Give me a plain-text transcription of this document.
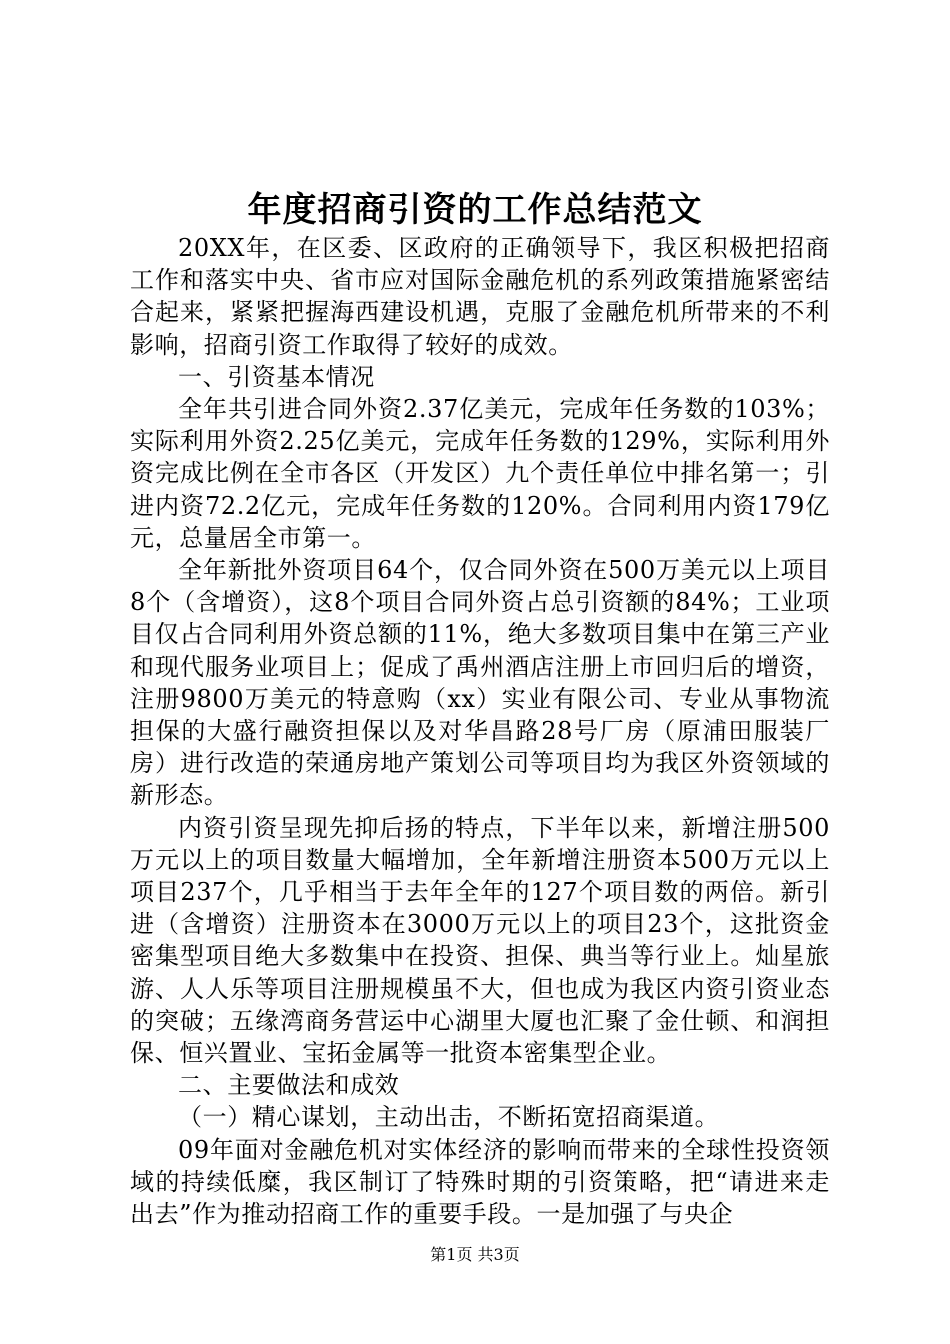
年度招商引资的工作总结范文

20XX年，在区委、区政府的正确领导下，我区积极把招商工作和落实中央、省市应对国际金融危机的系列政策措施紧密结合起来，紧紧把握海西建设机遇，克服了金融危机所带来的不利影响，招商引资工作取得了较好的成效。

一、引资基本情况

全年共引进合同外资2.37亿美元，完成年任务数的103%；实际利用外资2.25亿美元，完成年任务数的129%，实际利用外资完成比例在全市各区（开发区）九个责任单位中排名第一；引进内资72.2亿元，完成年任务数的120%。合同利用内资179亿元，总量居全市第一。

全年新批外资项目64个，仅合同外资在500万美元以上项目8个（含增资），这8个项目合同外资占总引资额的84%；工业项目仅占合同利用外资总额的11%，绝大多数项目集中在第三产业和现代服务业项目上；促成了禹州酒店注册上市回归后的增资，注册9800万美元的特意购（xx）实业有限公司、专业从事物流担保的大盛行融资担保以及对华昌路28号厂房（原浦田服装厂房）进行改造的荣通房地产策划公司等项目均为我区外资领域的新形态。

内资引资呈现先抑后扬的特点，下半年以来，新增注册500万元以上的项目数量大幅增加，全年新增注册资本500万元以上项目237个，几乎相当于去年全年的127个项目数的两倍。新引进（含增资）注册资本在3000万元以上的项目23个，这批资金密集型项目绝大多数集中在投资、担保、典当等行业上。灿星旅游、人人乐等项目注册规模虽不大，但也成为我区内资引资业态的突破；五缘湾商务营运中心湖里大厦也汇聚了金仕顿、和润担保、恒兴置业、宝拓金属等一批资本密集型企业。

二、主要做法和成效

（一）精心谋划，主动出击，不断拓宽招商渠道。

09年面对金融危机对实体经济的影响而带来的全球性投资领域的持续低糜，我区制订了特殊时期的引资策略，把“请进来走出去”作为推动招商工作的重要手段。一是加强了与央企

第1页 共3页
